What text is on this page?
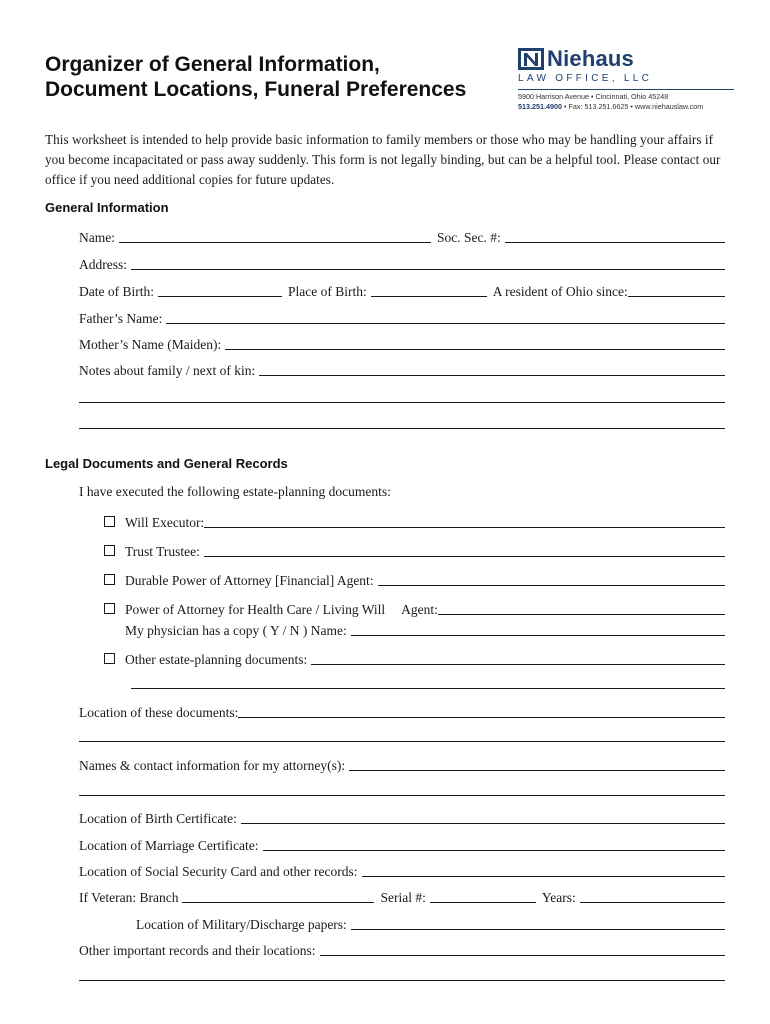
Organizer of General Information,
Document Locations, Funeral Preferences
Niehaus
LAW OFFICE, LLC
5900 Harrison Avenue • Cincinnati, Ohio 45248
513.251.4900 • Fax: 513.251.6625 • www.niehauslaw.com
This worksheet is intended to help provide basic information to family members or those who may be handling your affairs if you become incapacitated or pass away suddenly. This form is not legally binding, but can be a helpful tool. Please contact our office if you need additional copies for future updates.
General Information
Name:	Soc. Sec. #:
Address:
Date of Birth:	Place of Birth:	A resident of Ohio since:
Father’s Name:
Mother’s Name (Maiden):
Notes about family / next of kin:
Legal Documents and General Records
I have executed the following estate-planning documents:
Will Executor:
Trust Trustee:
Durable Power of Attorney [Financial] Agent:
Power of Attorney for Health Care / Living Will Agent:
My physician has a copy ( Y / N ) Name:
Other estate-planning documents:
Location of these documents:
Names & contact information for my attorney(s):
Location of Birth Certificate:
Location of Marriage Certificate:
Location of Social Security Card and other records:
If Veteran: Branch	Serial #:	Years:
Location of Military/Discharge papers:
Other important records and their locations:
